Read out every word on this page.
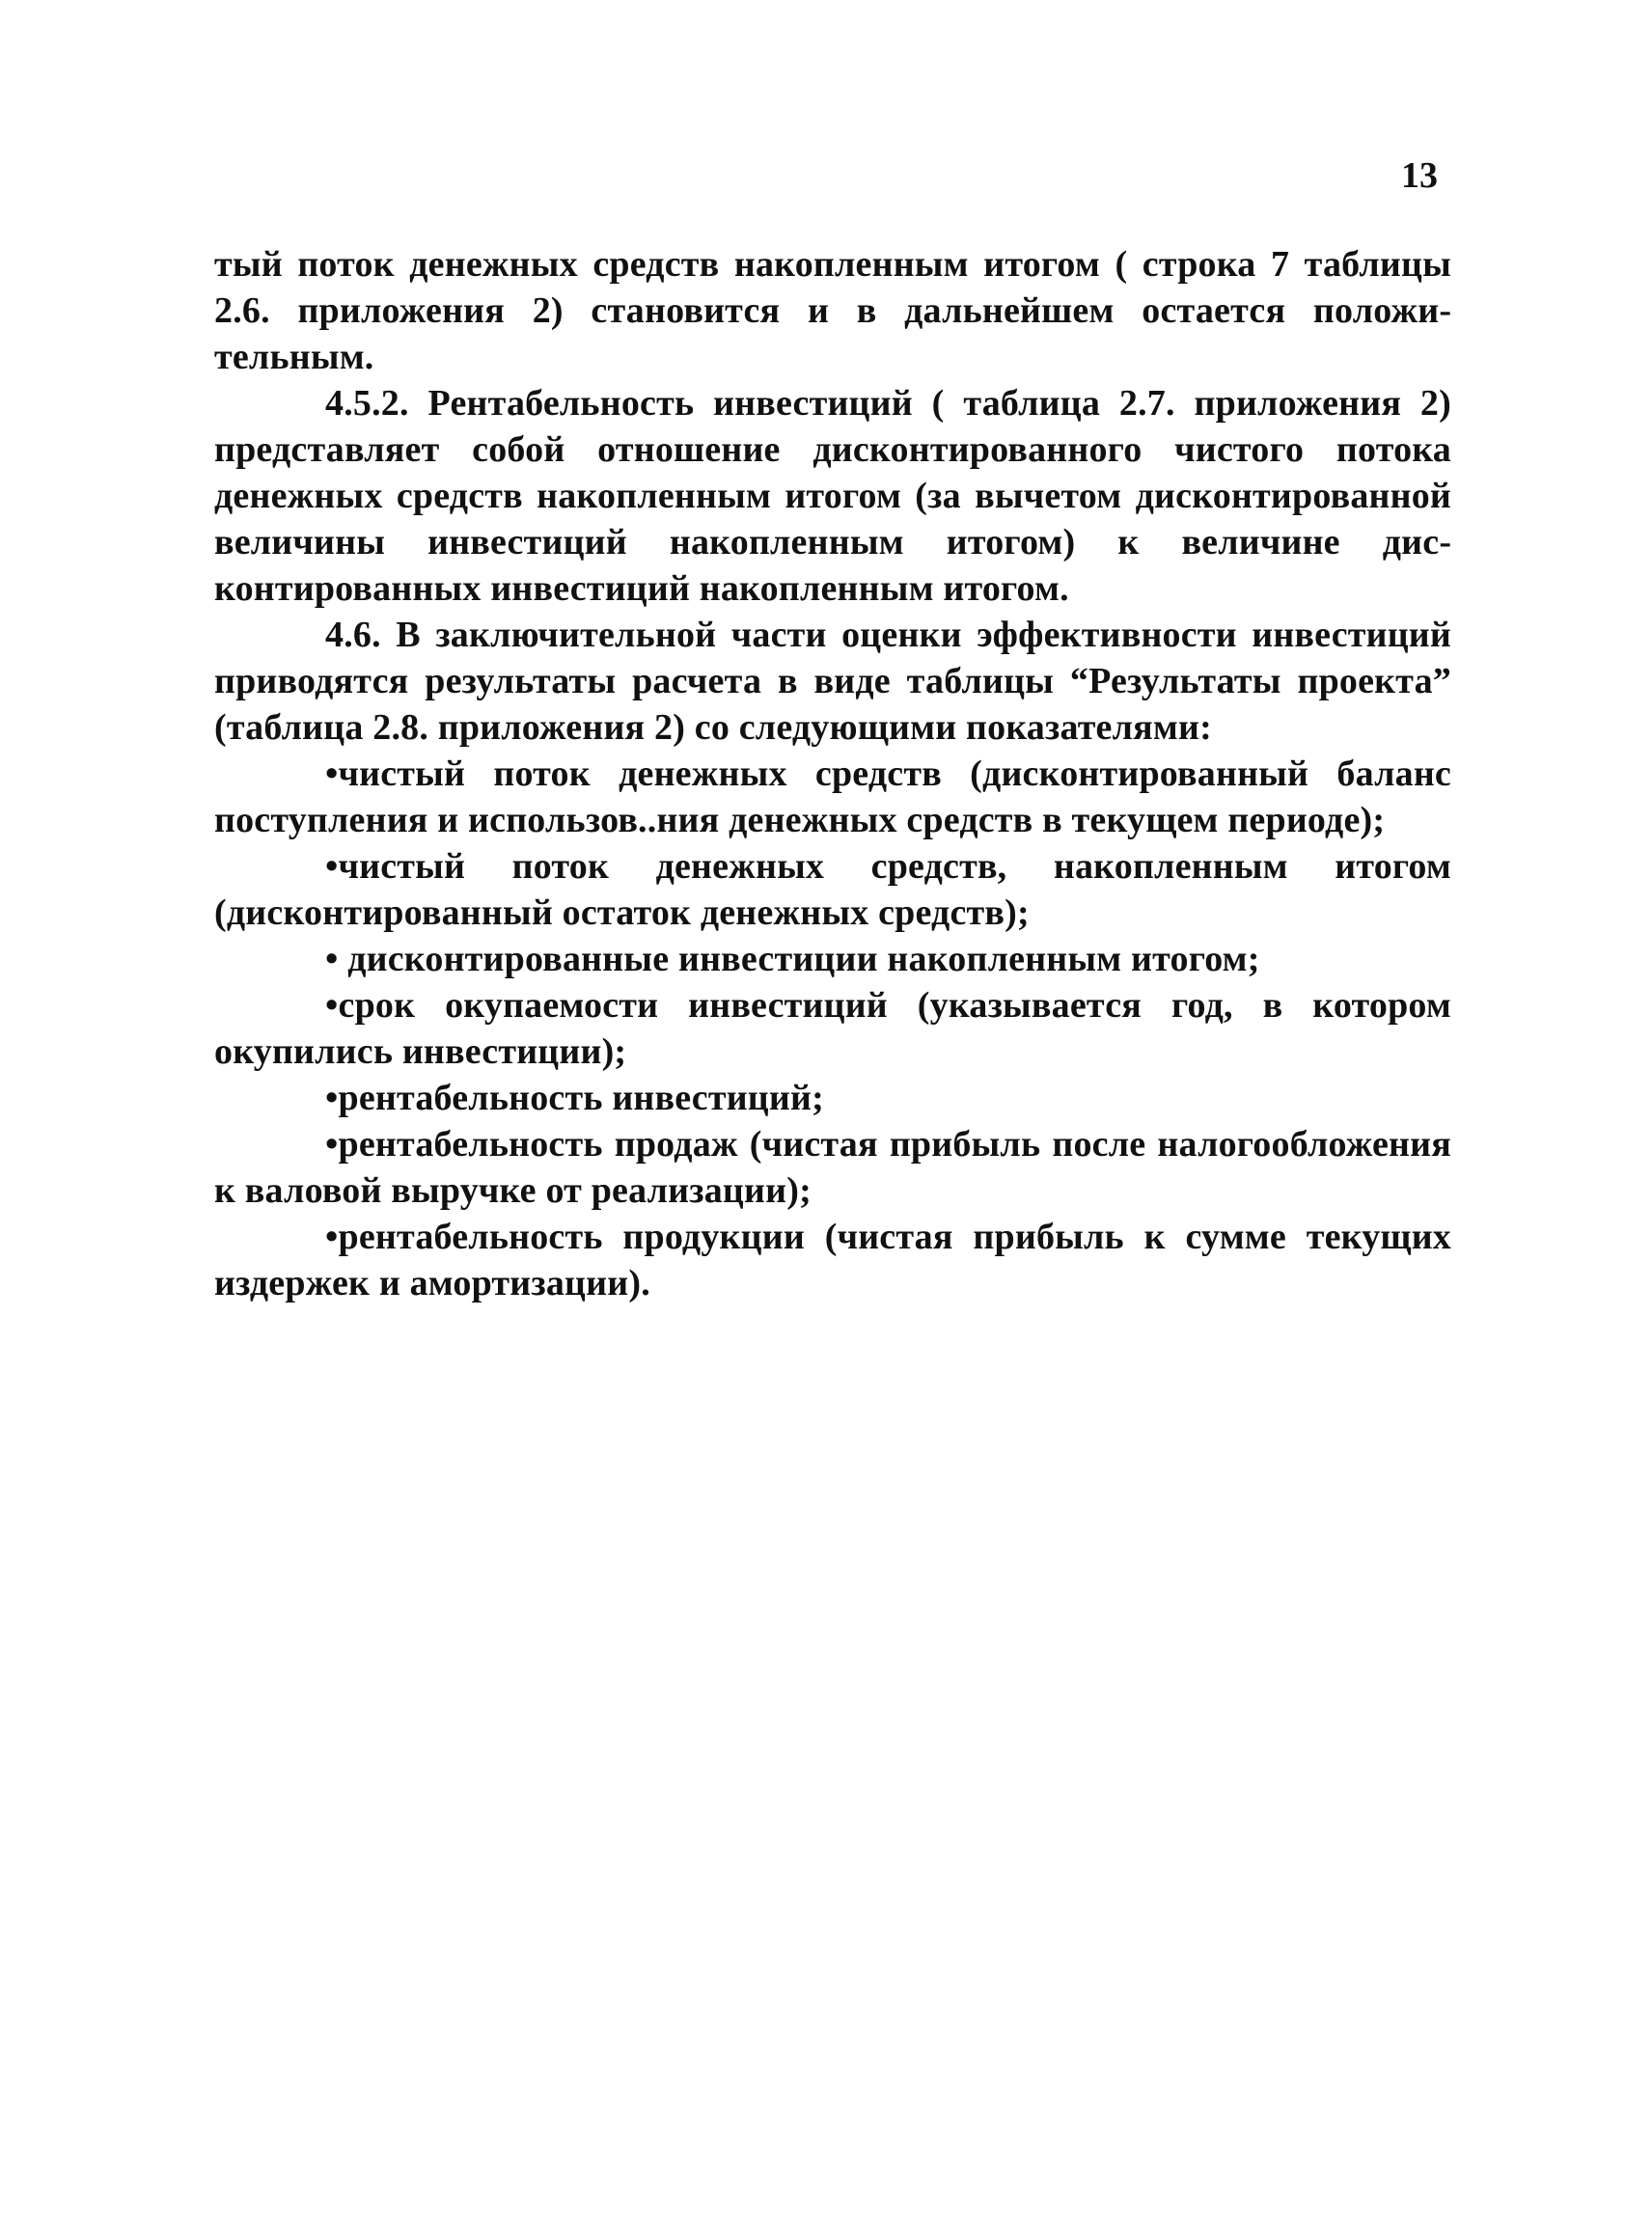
13

тый поток денежных средств накопленным итогом ( строка 7 таблицы 2.6. приложения 2) становится и в дальнейшем остается положительным.

4.5.2. Рентабельность инвестиций ( таблица 2.7. приложения 2) представляет собой отношение дисконтированного чистого потока денежных средств накопленным итогом (за вычетом дисконтированной величины инвестиций накопленным итогом) к величине дисконтированных инвестиций накопленным итогом.

4.6. В заключительной части оценки эффективности инвестиций приводятся результаты расчета в виде таблицы “Результаты проекта” (таблица 2.8. приложения 2) со следующими показателями:

•чистый поток денежных средств (дисконтированный баланс поступления и использов..ния денежных средств в текущем периоде);

•чистый поток денежных средств, накопленным итогом (дисконтированный остаток денежных средств);

• дисконтированные инвестиции накопленным итогом;

•срок окупаемости инвестиций (указывается год, в котором окупились инвестиции);

•рентабельность инвестиций;

•рентабельность продаж (чистая прибыль после налогообложения к валовой выручке от реализации);

•рентабельность продукции (чистая прибыль к сумме текущих издержек и амортизации).
